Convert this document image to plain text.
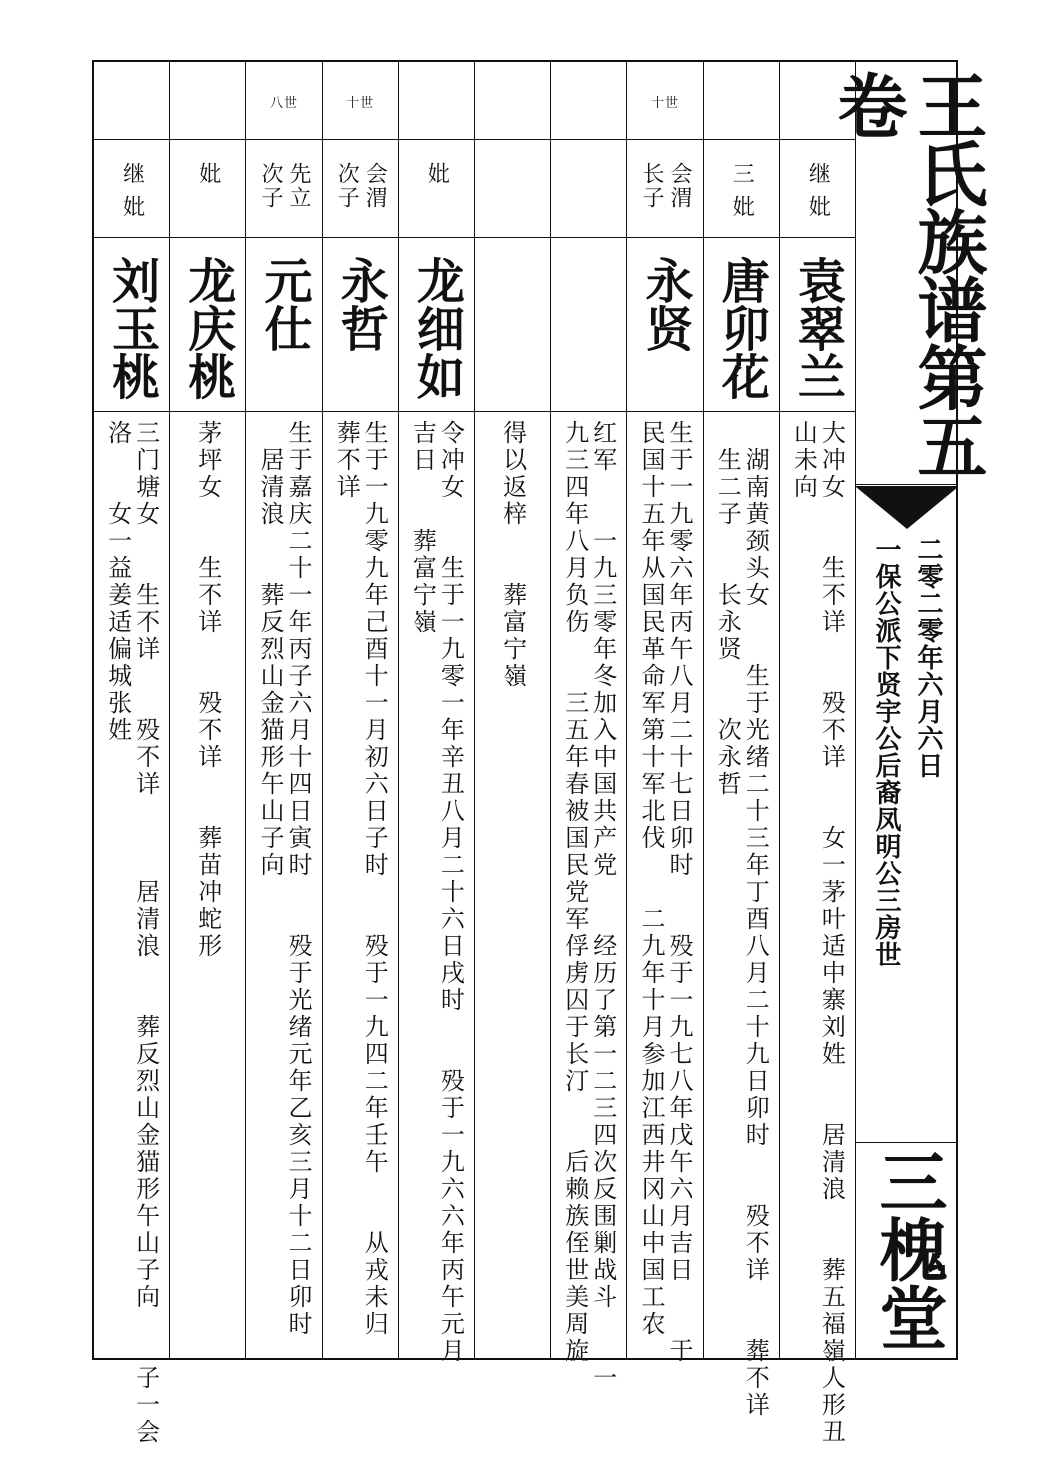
继 妣
袁翠兰
大冲女　　生不详　　殁不详　　女一茅叶适中寨刘姓　　居清浪　　葬五福嶺人形丑
山未向
三 妣
唐卯花
　湖南黄颈头女　　生于光绪二十三年丁酉八月二十九日卯时　　殁不详　　葬不详
　生二子　　长永贤　　次永哲
十世
会渭 长子
永贤
生于一九零六年丙午八月二十七日卯时　　殁于一九七八年戊午六月吉日　　于
民国十五年从国民革命军第十军北伐　　二九年十月参加江西井冈山中国工农
红军　　一九三零年冬加入中国共产党　　经历了第一二三四次反围剿战斗　　一
九三四年八月负伤　　三五年春被国民党军俘虏囚于长汀　　后赖族侄世美周旋
得以返梓　　葬富宁嶺
妣
龙细如
令冲女　　生于一九零一年辛丑八月二十六日戌时　　殁于一九六六年丙午元月
吉日　　葬富宁嶺
十世
会渭 次子
永哲
生于一九零九年己酉十一月初六日子时　　殁于一九四二年壬午　　从戎未归
葬不详
八世
先立 次子
元仕
生于嘉庆二十一年丙子六月十四日寅时　　殁于光绪元年乙亥三月十二日卯时
　居清浪　　葬反烈山金猫形午山子向
妣
龙庆桃
茅坪女　　生不详　　殁不详　　葬苗冲蛇形
继 妣
刘玉桃
三门塘女　　生不详　　殁不详　　　居清浪　　葬反烈山金猫形午山子向　　子一会
洛　　女一益姜适偏城张姓
王氏族谱第五卷
一保公派下贤宇公后裔凤明公三房世 二零二零年六月六日
三槐堂
